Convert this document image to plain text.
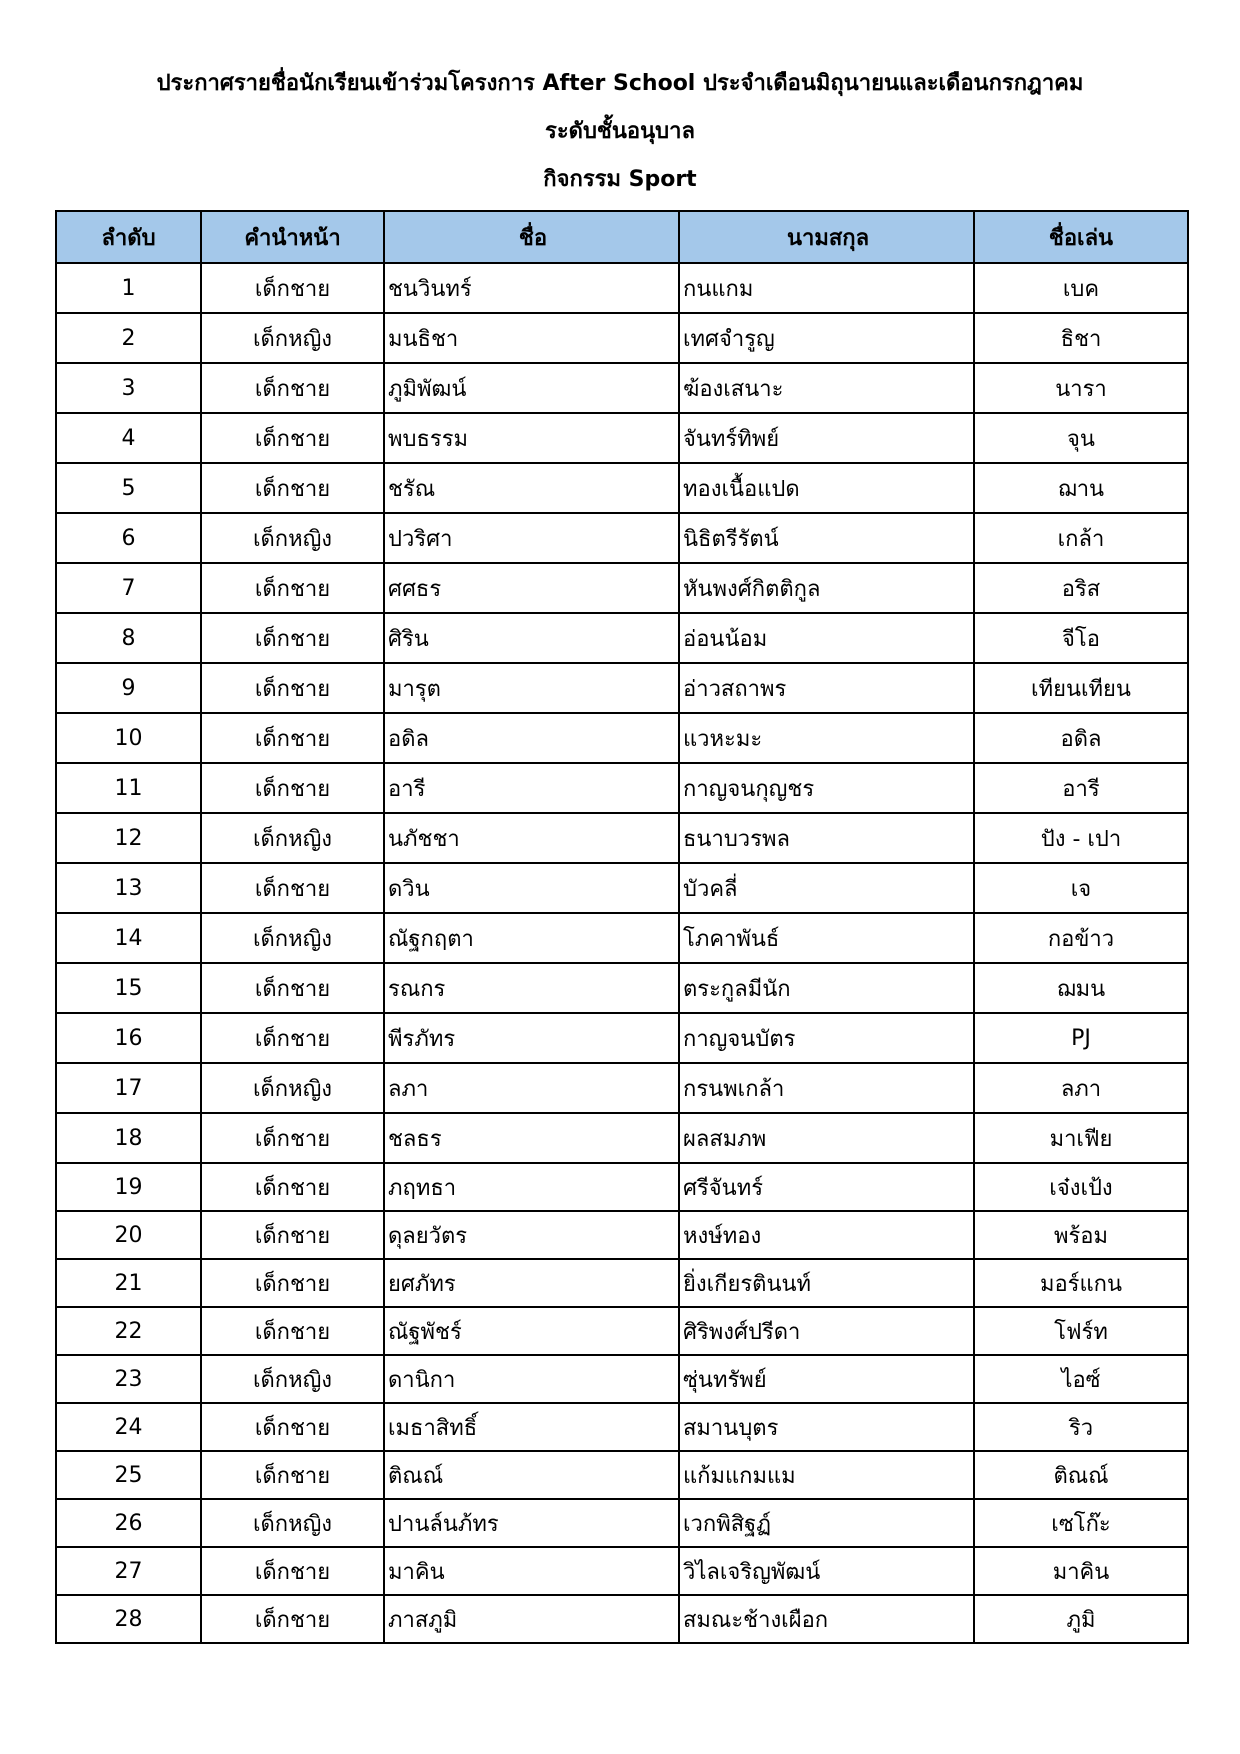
ประกาศรายชื่อนักเรียนเข้าร่วมโครงการ After School ประจำเดือนมิถุนายนและเดือนกรกฎาคม
ระดับชั้นอนุบาล
กิจกรรม Sport
ลำดับ	คำนำหน้า	ชื่อ	นามสกุล	ชื่อเล่น
1	เด็กชาย	ชนวินทร์	กนแกม	เบค
2	เด็กหญิง	มนธิชา	เทศจำรูญ	ธิชา
3	เด็กชาย	ภูมิพัฒน์	ฆ้องเสนาะ	นารา
4	เด็กชาย	พบธรรม	จันทร์ทิพย์	จุน
5	เด็กชาย	ชรัณ	ทองเนื้อแปด	ฌาน
6	เด็กหญิง	ปวริศา	นิธิตรีรัตน์	เกล้า
7	เด็กชาย	ศศธร	หันพงศ์กิตติกูล	อริส
8	เด็กชาย	ศิริน	อ่อนน้อม	จีโอ
9	เด็กชาย	มารุต	อ่าวสถาพร	เทียนเทียน
10	เด็กชาย	อดิล	แวหะมะ	อดิล
11	เด็กชาย	อารี	กาญจนกุญชร	อารี
12	เด็กหญิง	นภัชชา	ธนาบวรพล	ปัง - เปา
13	เด็กชาย	ดวิน	บัวคลี่	เจ
14	เด็กหญิง	ณัฐกฤตา	โภคาพันธ์	กอข้าว
15	เด็กชาย	รณกร	ตระกูลมีนัก	ฌมน
16	เด็กชาย	พีรภัทร	กาญจนบัตร	PJ
17	เด็กหญิง	ลภา	กรนพเกล้า	ลภา
18	เด็กชาย	ชลธร	ผลสมภพ	มาเฟีย
19	เด็กชาย	ภฤทธา	ศรีจันทร์	เจ๋งเป้ง
20	เด็กชาย	ดุลยวัตร	หงษ์ทอง	พร้อม
21	เด็กชาย	ยศภัทร	ยิ่งเกียรตินนท์	มอร์แกน
22	เด็กชาย	ณัฐพัชร์	ศิริพงศ์ปรีดา	โฟร์ท
23	เด็กหญิง	ดานิกา	ซุ่นทรัพย์	ไอซ์
24	เด็กชาย	เมธาสิทธิ์	สมานบุตร	ริว
25	เด็กชาย	ติณณ์	แก้มแกมแม	ติณณ์
26	เด็กหญิง	ปานล์นภ้ทร	เวกพิสิฐฏ์	เซโก๊ะ
27	เด็กชาย	มาคิน	วิไลเจริญพัฒน์	มาคิน
28	เด็กชาย	ภาสภูมิ	สมณะช้างเผือก	ภูมิ
